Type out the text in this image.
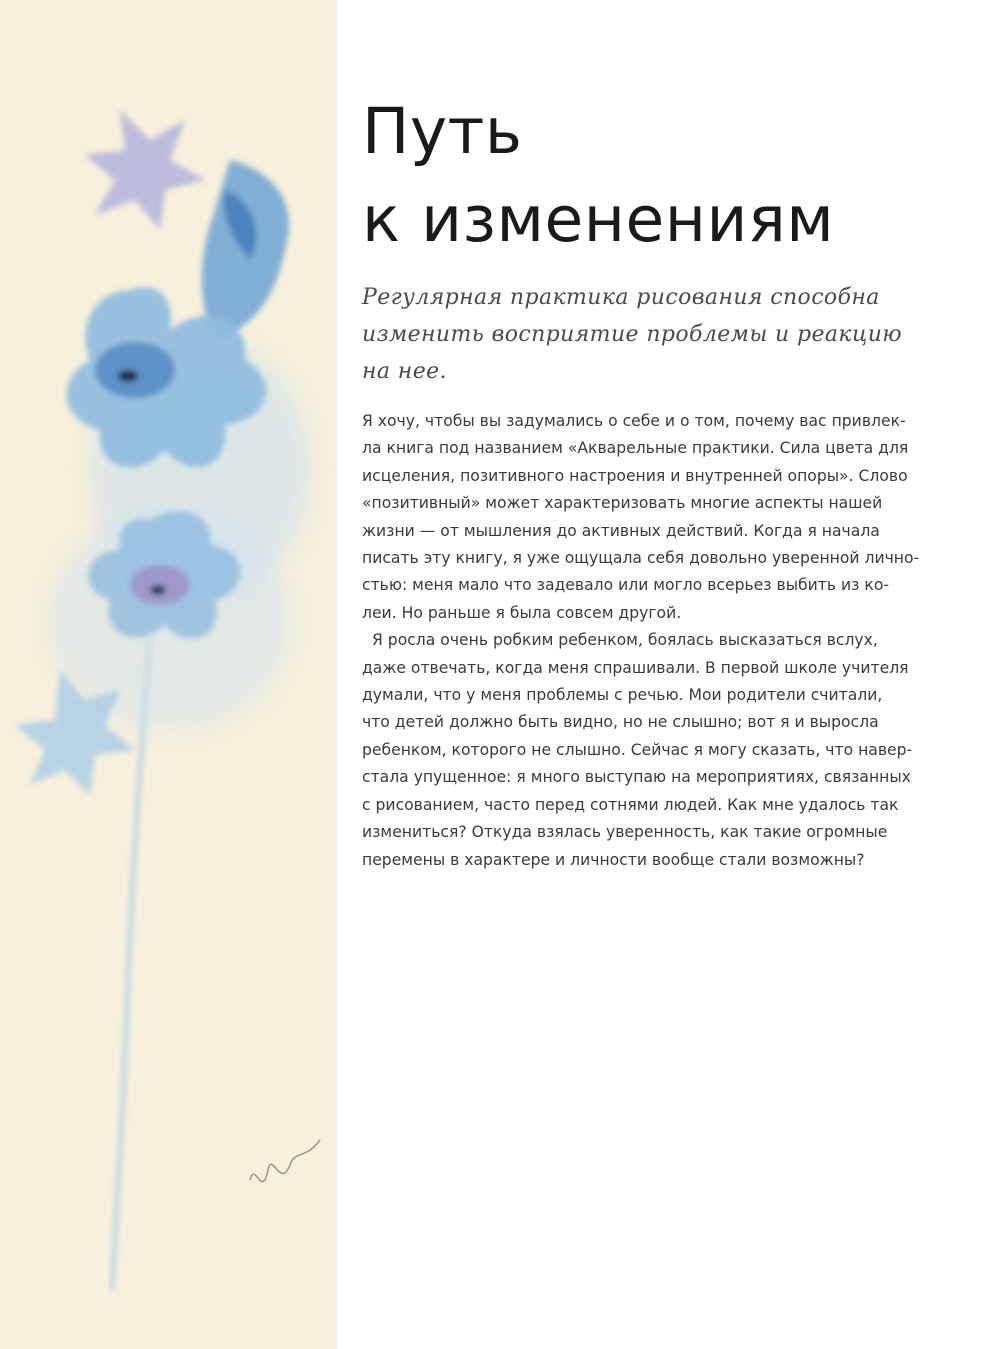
Путь
к изменениям

Регулярная практика рисования способна
изменить восприятие проблемы и реакцию
на нее.

Я хочу, чтобы вы задумались о себе и о том, почему вас привлек-
ла книга под названием «Акварельные практики. Сила цвета для
исцеления, позитивного настроения и внутренней опоры». Слово
«позитивный» может характеризовать многие аспекты нашей
жизни — от мышления до активных действий. Когда я начала
писать эту книгу, я уже ощущала себя довольно уверенной лично-
стью: меня мало что задевало или могло всерьез выбить из ко-
леи. Но раньше я была совсем другой.
Я росла очень робким ребенком, боялась высказаться вслух,
даже отвечать, когда меня спрашивали. В первой школе учителя
думали, что у меня проблемы с речью. Мои родители считали,
что детей должно быть видно, но не слышно; вот я и выросла
ребенком, которого не слышно. Сейчас я могу сказать, что навер-
стала упущенное: я много выступаю на мероприятиях, связанных
с рисованием, часто перед сотнями людей. Как мне удалось так
измениться? Откуда взялась уверенность, как такие огромные
перемены в характере и личности вообще стали возможны?
